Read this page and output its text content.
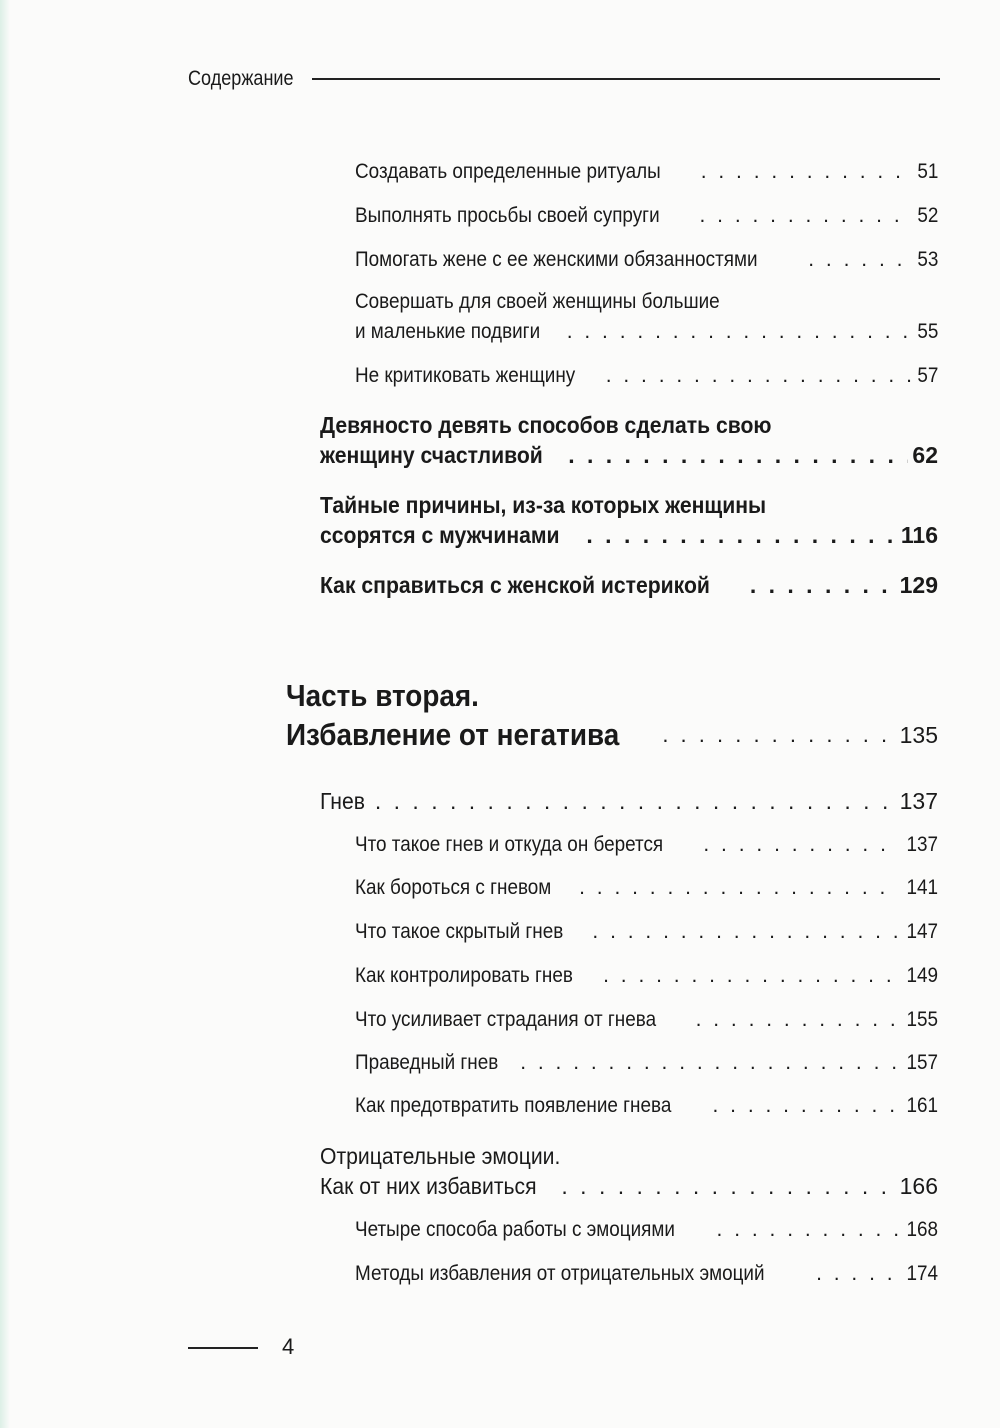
Содержание
Создавать определенные ритуалы . . .	51
Выполнять просьбы своей супруги . . .	52
Помогать жене с ее женскими обязанностями . . .	53
Совершать для своей женщины большие
и маленькие подвиги . . .	55
Не критиковать женщину . . .	57
Девяносто девять способов сделать свою
женщину счастливой . . .	62
Тайные причины, из-за которых женщины
ссорятся с мужчинами . . .	116
Как справиться с женской истерикой . . .	129
Часть вторая.
Избавление от негатива . . .	135
Гнев . . .	137
Что такое гнев и откуда он берется . . .	137
Как бороться с гневом . . .	141
Что такое скрытый гнев . . .	147
Как контролировать гнев . . .	149
Что усиливает страдания от гнева . . .	155
Праведный гнев . . .	157
Как предотвратить появление гнева . . .	161
Отрицательные эмоции.
Как от них избавиться . . .	166
Четыре способа работы с эмоциями . . .	168
Методы избавления от отрицательных эмоций . . .	174
4
